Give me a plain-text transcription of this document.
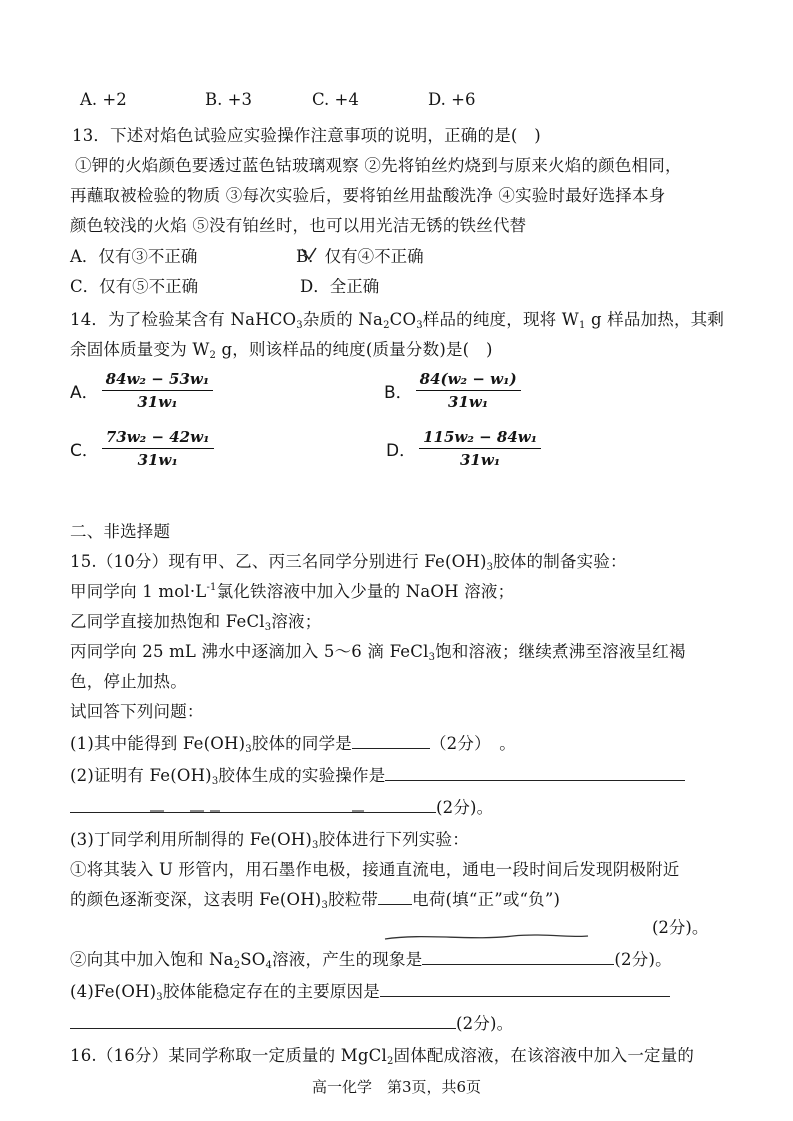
A. +2	B. +3	C. +4	D. +6
13．下述对焰色试验应实验操作注意事项的说明，正确的是(　)
①钾的火焰颜色要透过蓝色钴玻璃观察 ②先将铂丝灼烧到与原来火焰的颜色相同，
再蘸取被检验的物质 ③每次实验后，要将铂丝用盐酸洗净 ④实验时最好选择本身
颜色较浅的火焰 ⑤没有铂丝时，也可以用光洁无锈的铁丝代替
A．仅有③不正确	B．仅有④不正确
C．仅有⑤不正确	D．全正确
14．为了检验某含有 NaHCO$_3$杂质的 $Na_2CO_3$样品的纯度，现将 $W_1$ g 样品加热，其剩
余固体质量变为 $W_2$ g，则该样品的纯度(质量分数)是(　)
A． $\frac{\text{84w₂ − 53w₁}}{\text{31w₁}}$	B． $\frac{\text{84(w₂ − w₁)}}{\text{31w₁}}$
C． $\frac{\text{73w₂ − 42w₁}}{\text{31w₁}}$	D． $\frac{\text{115w₂ − 84w₁}}{\text{31w₁}}$
二、非选择题
15.（10分）现有甲、乙、丙三名同学分别进行 $Fe(OH)_3$胶体的制备实验：
甲同学向 1 $mol\cdot L^{-1}$氯化铁溶液中加入少量的 NaOH 溶液；
乙同学直接加热饱和 FeCl$_3$溶液；
丙同学向 25 mL 沸水中逐滴加入 5～6 滴 FeCl$_3$饱和溶液；继续煮沸至溶液呈红褐
色，停止加热。
试回答下列问题：
(1)其中能得到 $Fe(OH)_3$胶体的同学是	（2分）　。
(2)证明有 $Fe(OH)_3$胶体生成的实验操作是
(2分)。
(3)丁同学利用所制得的 $Fe(OH)_3$胶体进行下列实验：
①将其装入 U 形管内，用石墨作电极，接通直流电，通电一段时间后发现阴极附近
的颜色逐渐变深，这表明 $Fe(OH)_3$胶粒带 电荷(填“正”或“负”)
(2分)。
②向其中加入饱和 $Na_2SO_4$溶液，产生的现象是	(2分)。
$(4)Fe(OH)_3$胶体能稳定存在的主要原因是
(2分)。
16.（16分）某同学称取一定质量的 MgCl$_2$固体配成溶液，在该溶液中加入一定量的
高一化学　第3页，共6页
